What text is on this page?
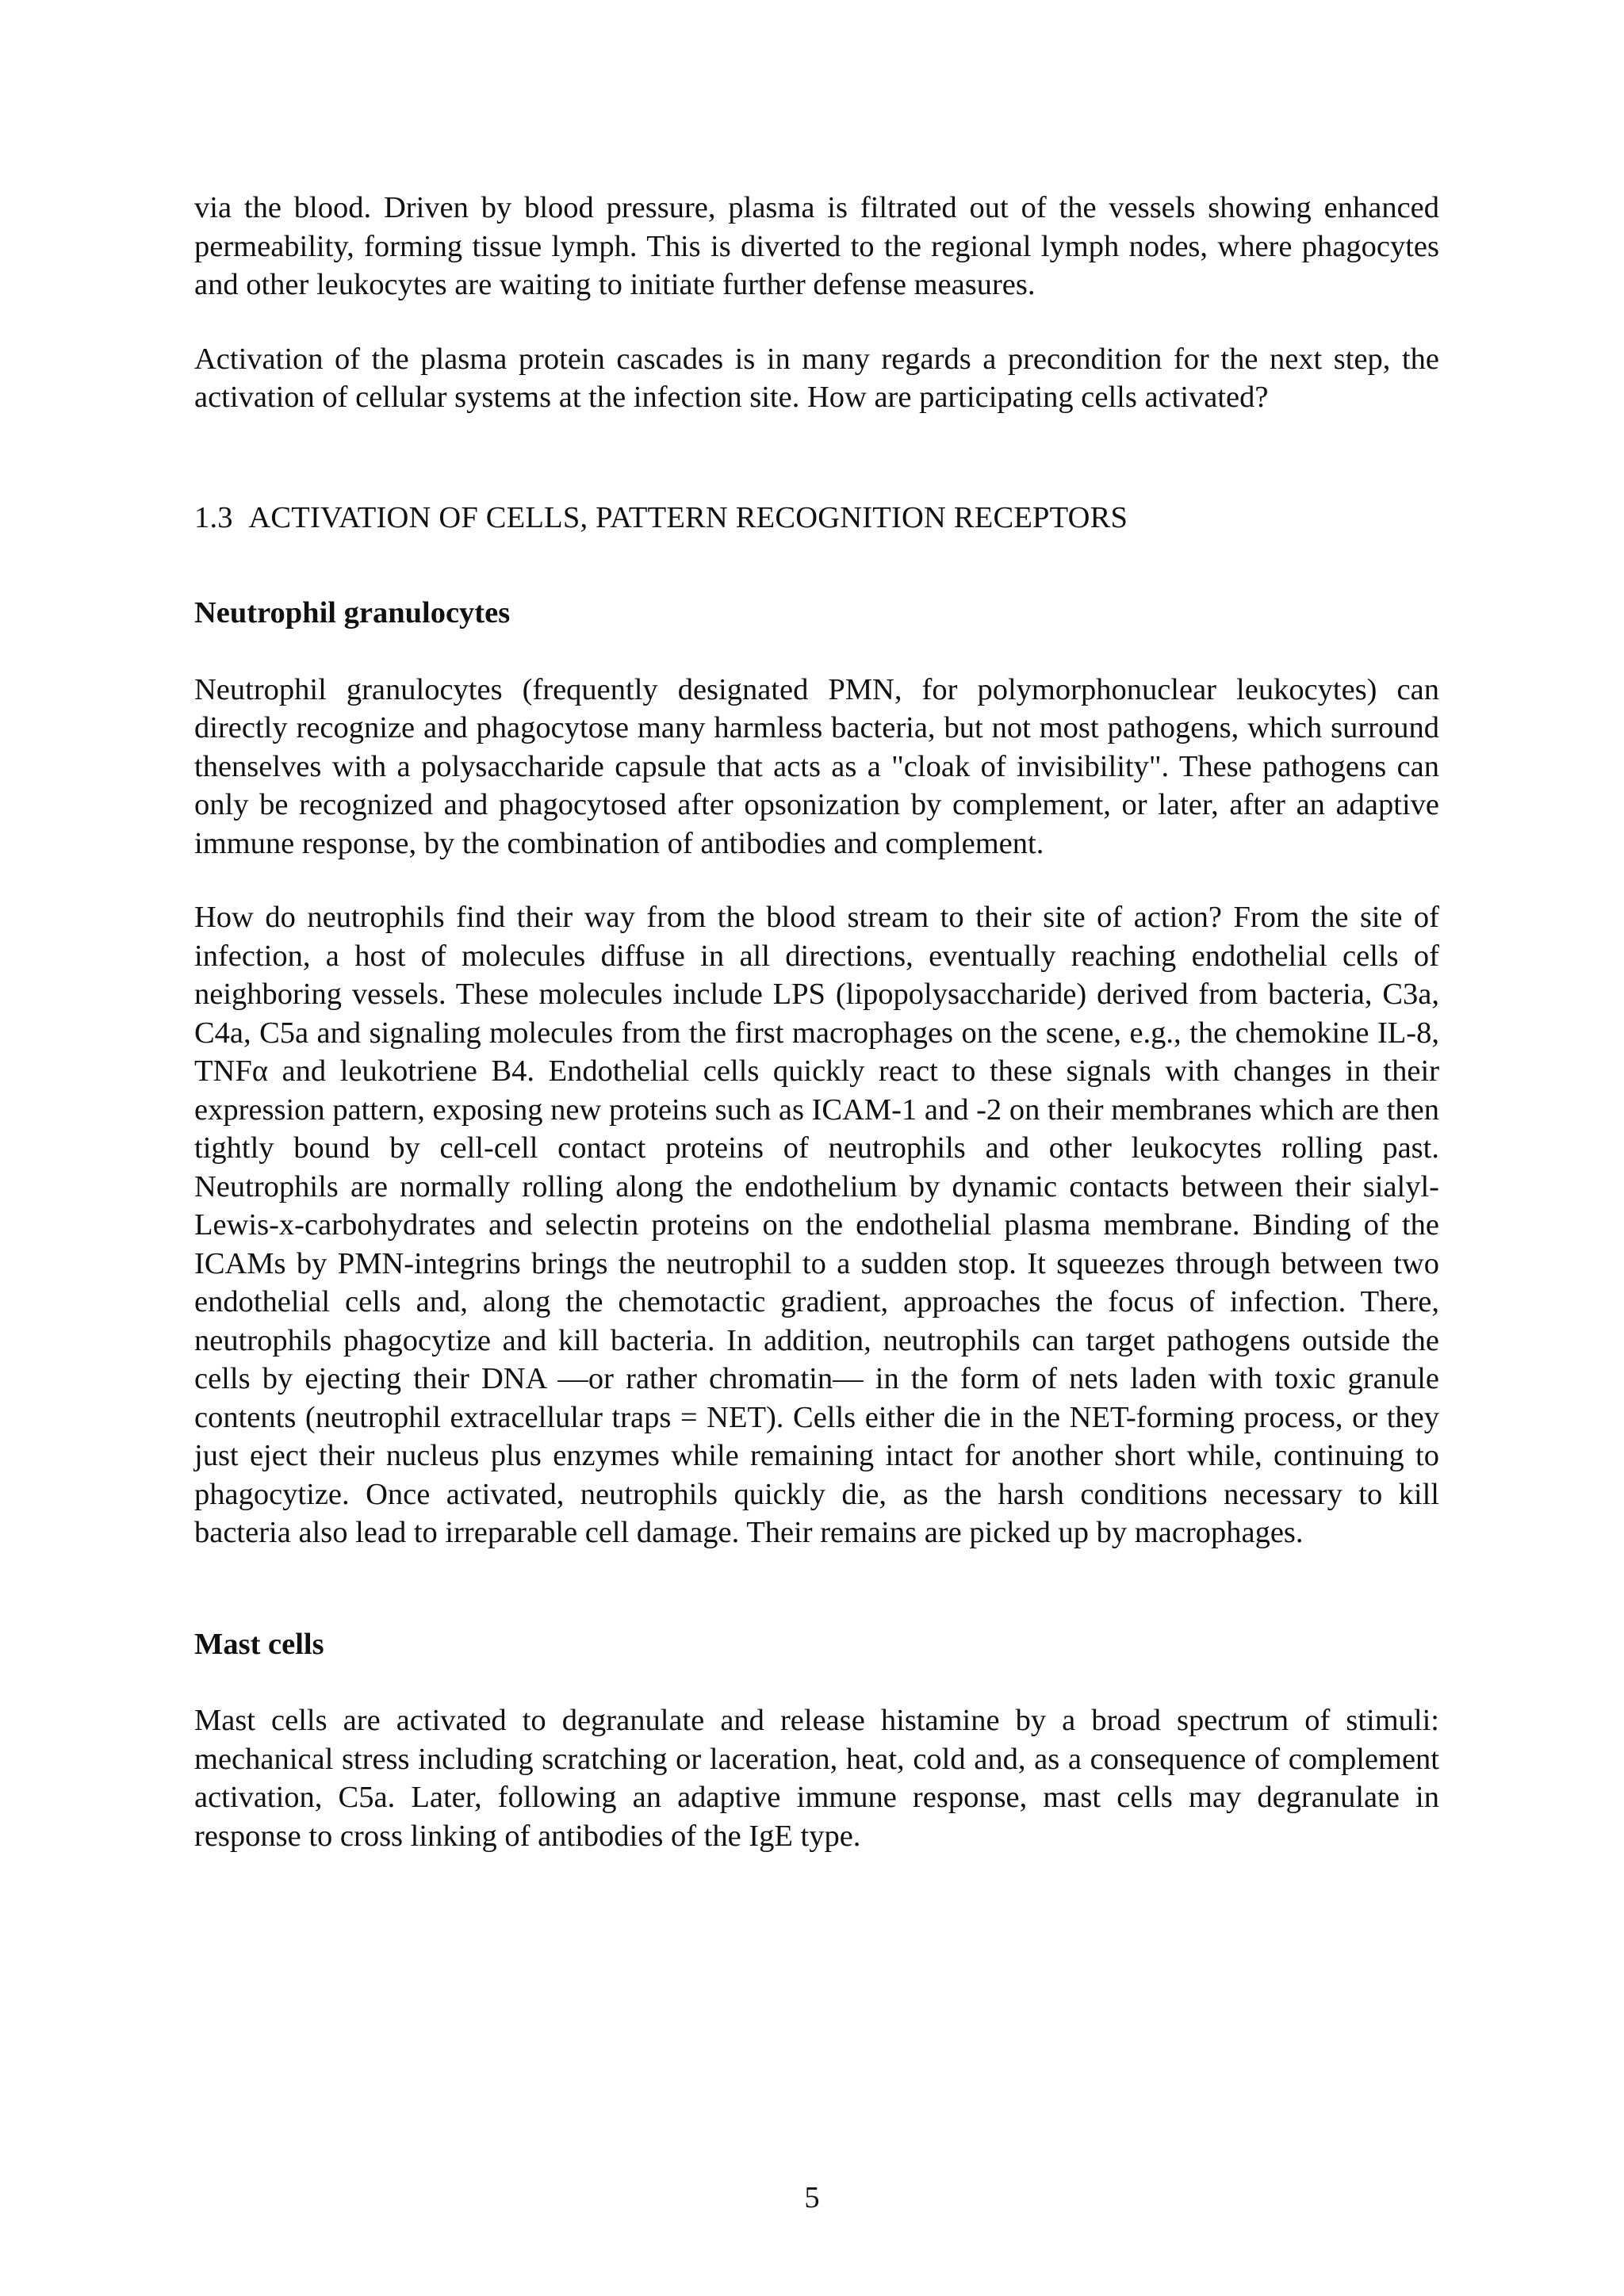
via the blood. Driven by blood pressure, plasma is filtrated out of the vessels showing enhanced permeability, forming tissue lymph. This is diverted to the regional lymph nodes, where phagocytes and other leukocytes are waiting to initiate further defense measures.

Activation of the plasma protein cascades is in many regards a precondition for the next step, the activation of cellular systems at the infection site. How are participating cells activated?

1.3 ACTIVATION OF CELLS, PATTERN RECOGNITION RECEPTORS
Neutrophil granulocytes

Neutrophil granulocytes (frequently designated PMN, for polymorphonuclear leukocytes) can directly recognize and phagocytose many harmless bacteria, but not most pathogens, which surround thenselves with a polysaccharide capsule that acts as a "cloak of invisibility". These pathogens can only be recognized and phagocytosed after opsonization by complement, or later, after an adaptive immune response, by the combination of antibodies and complement.

How do neutrophils find their way from the blood stream to their site of action? From the site of infection, a host of molecules diffuse in all directions, eventually reaching endothelial cells of neighboring vessels. These molecules include LPS (lipopolysaccharide) derived from bacteria, C3a, C4a, C5a and signaling molecules from the first macrophages on the scene, e.g., the chemokine IL-8, TNFα and leukotriene B4. Endothelial cells quickly react to these signals with changes in their expression pattern, exposing new proteins such as ICAM-1 and -2 on their membranes which are then tightly bound by cell-cell contact proteins of neutrophils and other leukocytes rolling past. Neutrophils are normally rolling along the endothelium by dynamic contacts between their sialyl-Lewis-x-carbohydrates and selectin proteins on the endothelial plasma membrane. Binding of the ICAMs by PMN-integrins brings the neutrophil to a sudden stop. It squeezes through between two endothelial cells and, along the chemotactic gradient, approaches the focus of infection. There, neutrophils phagocytize and kill bacteria. In addition, neutrophils can target pathogens outside the cells by ejecting their DNA —or rather chromatin— in the form of nets laden with toxic granule contents (neutrophil extracellular traps = NET). Cells either die in the NET-forming process, or they just eject their nucleus plus enzymes while remaining intact for another short while, continuing to phagocytize. Once activated, neutrophils quickly die, as the harsh conditions necessary to kill bacteria also lead to irreparable cell damage. Their remains are picked up by macrophages.

Mast cells

Mast cells are activated to degranulate and release histamine by a broad spectrum of stimuli: mechanical stress including scratching or laceration, heat, cold and, as a consequence of complement activation, C5a. Later, following an adaptive immune response, mast cells may degranulate in response to cross linking of antibodies of the IgE type.

5
